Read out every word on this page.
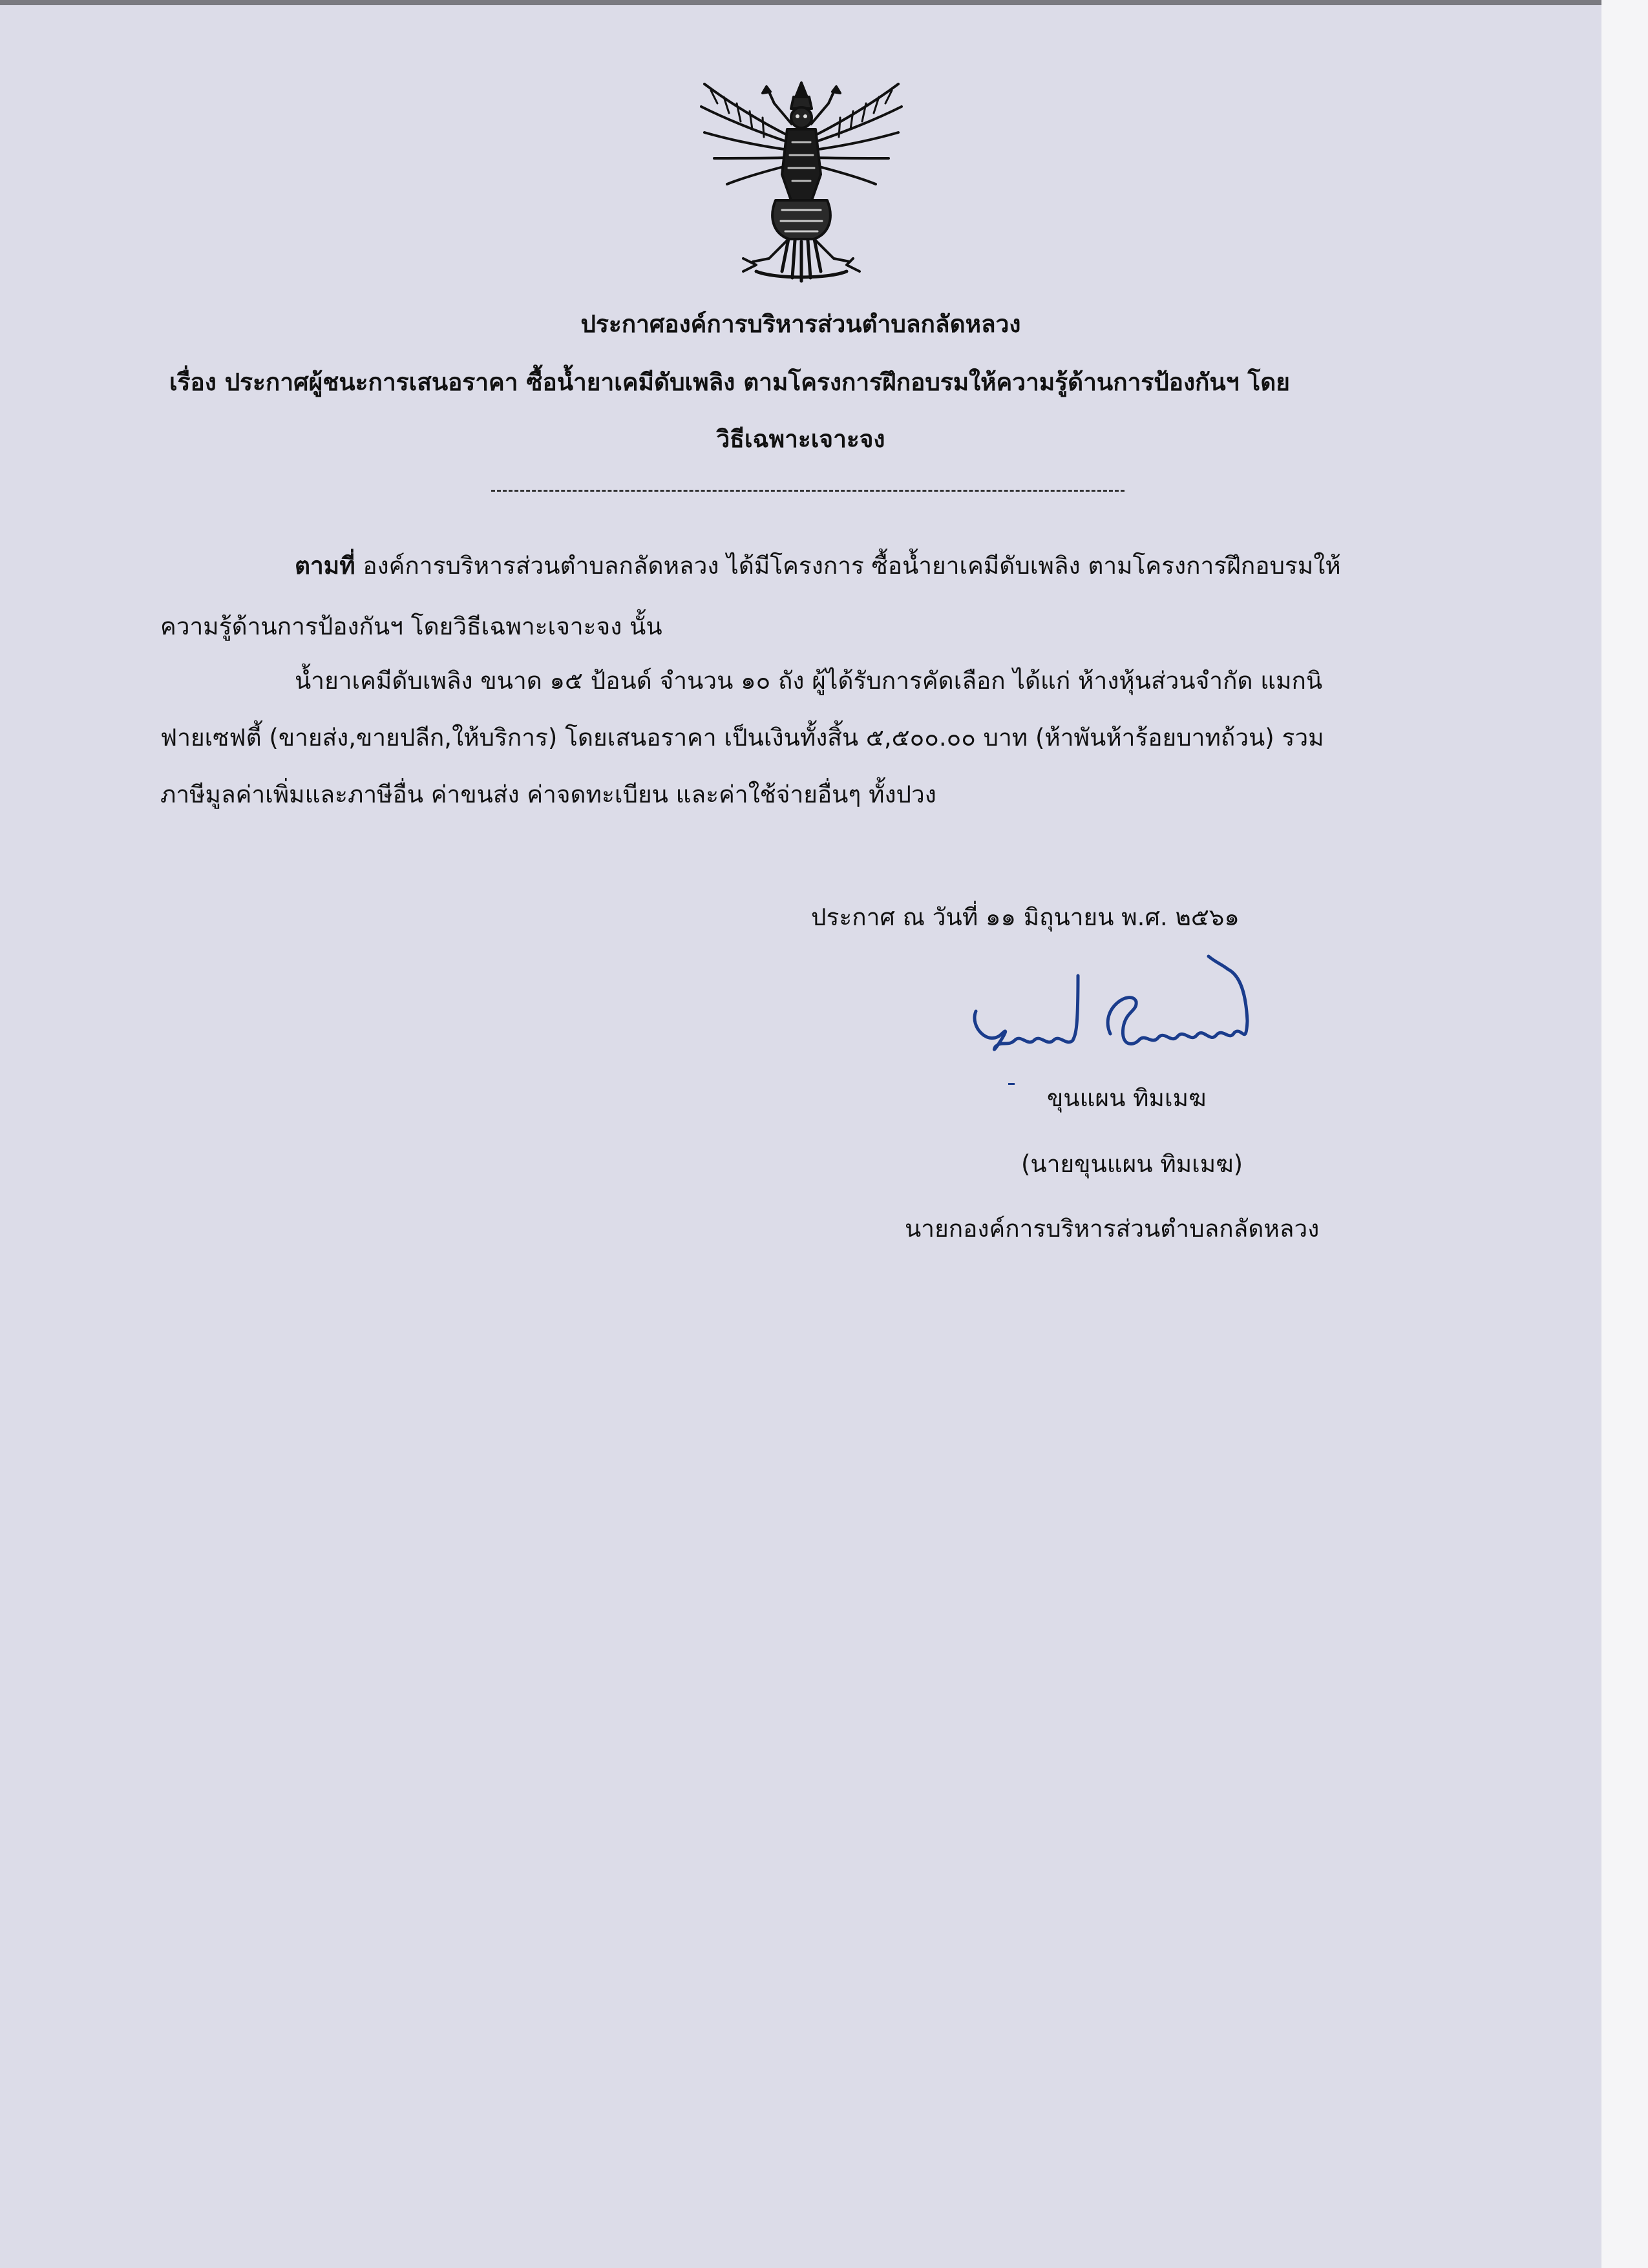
ประกาศองค์การบริหารส่วนตำบลกลัดหลวง
เรื่อง ประกาศผู้ชนะการเสนอราคา ซื้อน้ำยาเคมีดับเพลิง ตามโครงการฝึกอบรมให้ความรู้ด้านการป้องกันฯ โดย
วิธีเฉพาะเจาะจง
ตามที่ องค์การบริหารส่วนตำบลกลัดหลวง ได้มีโครงการ ซื้อน้ำยาเคมีดับเพลิง ตามโครงการฝึกอบรมให้
ความรู้ด้านการป้องกันฯ โดยวิธีเฉพาะเจาะจง นั้น
น้ำยาเคมีดับเพลิง ขนาด ๑๕ ป้อนด์ จำนวน ๑๐ ถัง ผู้ได้รับการคัดเลือก ได้แก่ ห้างหุ้นส่วนจำกัด แมกนิ
ฟายเซฟตี้ (ขายส่ง,ขายปลีก,ให้บริการ) โดยเสนอราคา เป็นเงินทั้งสิ้น ๕,๕๐๐.๐๐ บาท (ห้าพันห้าร้อยบาทถ้วน) รวม
ภาษีมูลค่าเพิ่มและภาษีอื่น ค่าขนส่ง ค่าจดทะเบียน และค่าใช้จ่ายอื่นๆ ทั้งปวง
ประกาศ ณ วันที่ ๑๑ มิถุนายน พ.ศ. ๒๕๖๑
ขุนแผน ทิมเมฆ
(นายขุนแผน ทิมเมฆ)
นายกองค์การบริหารส่วนตำบลกลัดหลวง
